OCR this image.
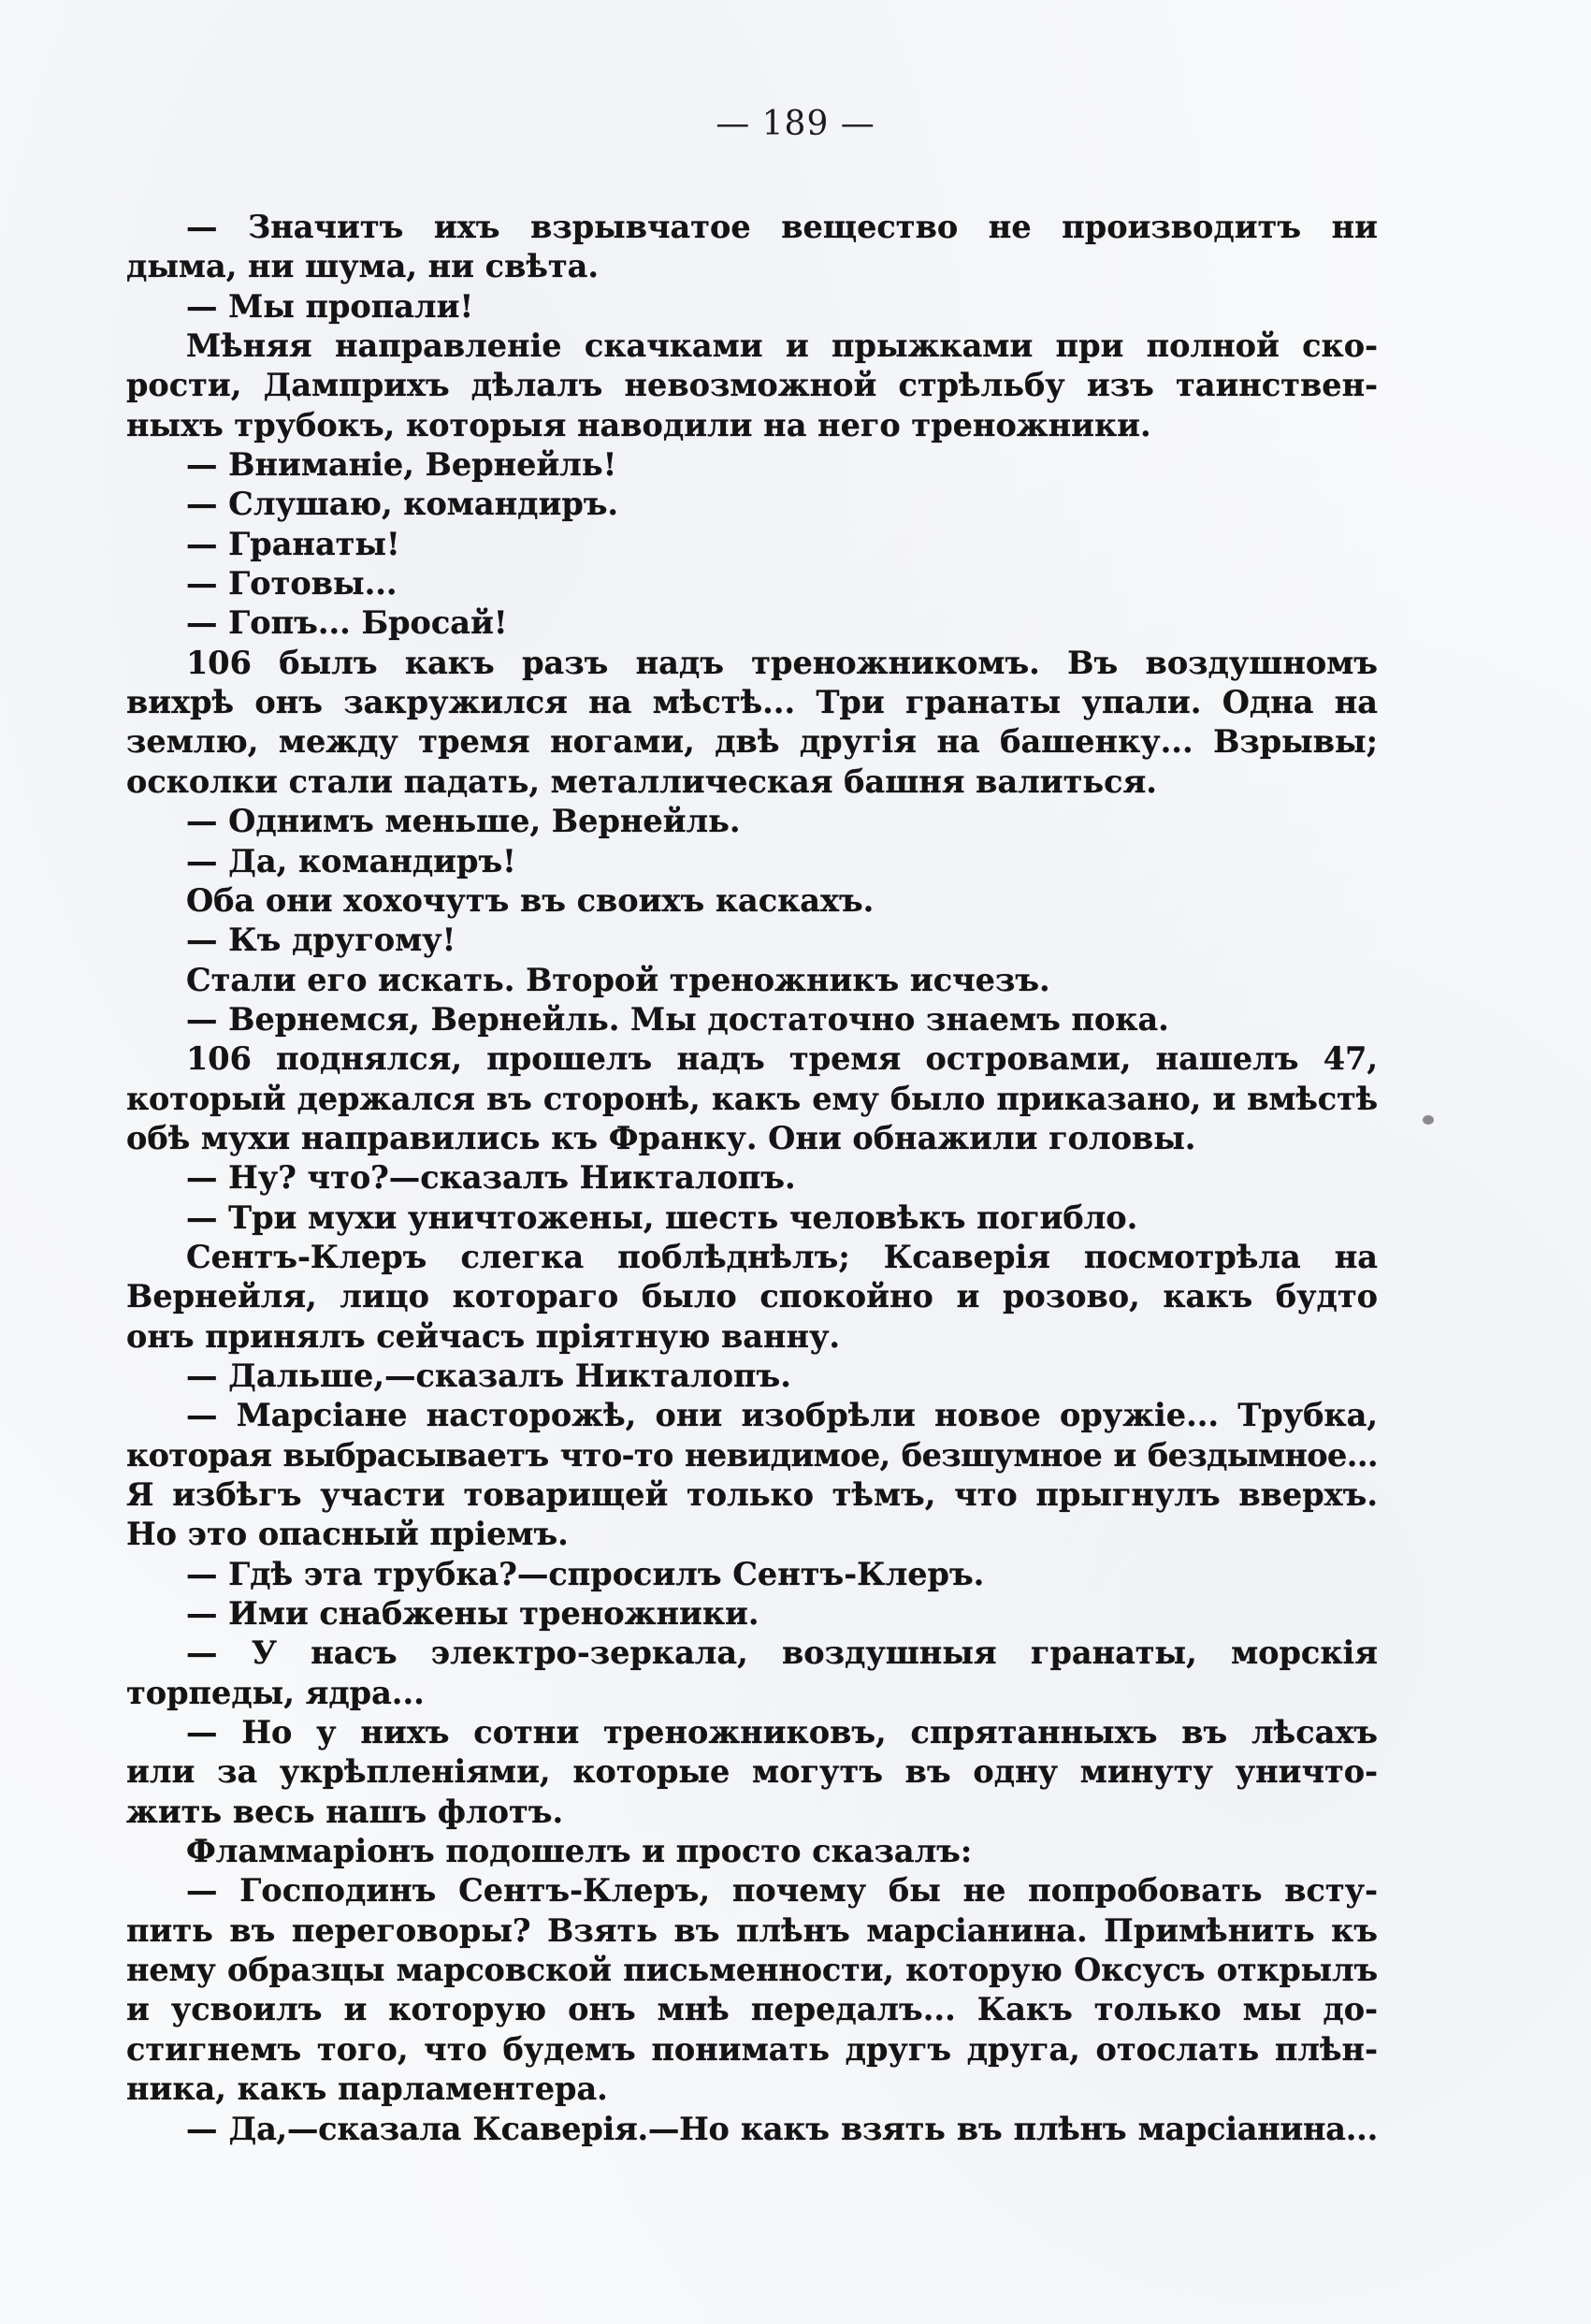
— 189 —
— Значитъ ихъ взрывчатое вещество не производитъ ни
дыма, ни шума, ни свѣта.
— Мы пропали!
Мѣняя направленіе скачками и прыжками при полной ско-
рости, Дамприхъ дѣлалъ невозможной стрѣльбу изъ таинствен-
ныхъ трубокъ, которыя наводили на него треножники.
— Вниманіе, Вернейль!
— Слушаю, командиръ.
— Гранаты!
— Готовы...
— Гопъ... Бросай!
106 былъ какъ разъ надъ треножникомъ. Въ воздушномъ
вихрѣ онъ закружился на мѣстѣ... Три гранаты упали. Одна на
землю, между тремя ногами, двѣ другія на башенку... Взрывы;
осколки стали падать, металлическая башня валиться.
— Однимъ меньше, Вернейль.
— Да, командиръ!
Оба они хохочутъ въ своихъ каскахъ.
— Къ другому!
Стали его искать. Второй треножникъ исчезъ.
— Вернемся, Вернейль. Мы достаточно знаемъ пока.
106 поднялся, прошелъ надъ тремя островами, нашелъ 47,
который держался въ сторонѣ, какъ ему было приказано, и вмѣстѣ
обѣ мухи направились къ Франку. Они обнажили головы.
— Ну? что?—сказалъ Никталопъ.
— Три мухи уничтожены, шесть человѣкъ погибло.
Сентъ-Клеръ слегка поблѣднѣлъ; Ксаверія посмотрѣла на
Вернейля, лицо котораго было спокойно и розово, какъ будто
онъ принялъ сейчасъ пріятную ванну.
— Дальше,—сказалъ Никталопъ.
— Марсіане насторожѣ, они изобрѣли новое оружіе... Трубка,
которая выбрасываетъ что-то невидимое, безшумное и бездымное...
Я избѣгъ участи товарищей только тѣмъ, что прыгнулъ вверхъ.
Но это опасный пріемъ.
— Гдѣ эта трубка?—спросилъ Сентъ-Клеръ.
— Ими снабжены треножники.
— У насъ электро-зеркала, воздушныя гранаты, морскія
торпеды, ядра...
— Но у нихъ сотни треножниковъ, спрятанныхъ въ лѣсахъ
или за укрѣпленіями, которые могутъ въ одну минуту уничто-
жить весь нашъ флотъ.
Фламмаріонъ подошелъ и просто сказалъ:
— Господинъ Сентъ-Клеръ, почему бы не попробовать всту-
пить въ переговоры? Взять въ плѣнъ марсіанина. Примѣнить къ
нему образцы марсовской письменности, которую Оксусъ открылъ
и усвоилъ и которую онъ мнѣ передалъ... Какъ только мы до-
стигнемъ того, что будемъ понимать другъ друга, отослать плѣн-
ника, какъ парламентера.
— Да,—сказала Ксаверія.—Но какъ взять въ плѣнъ марсіанина...
